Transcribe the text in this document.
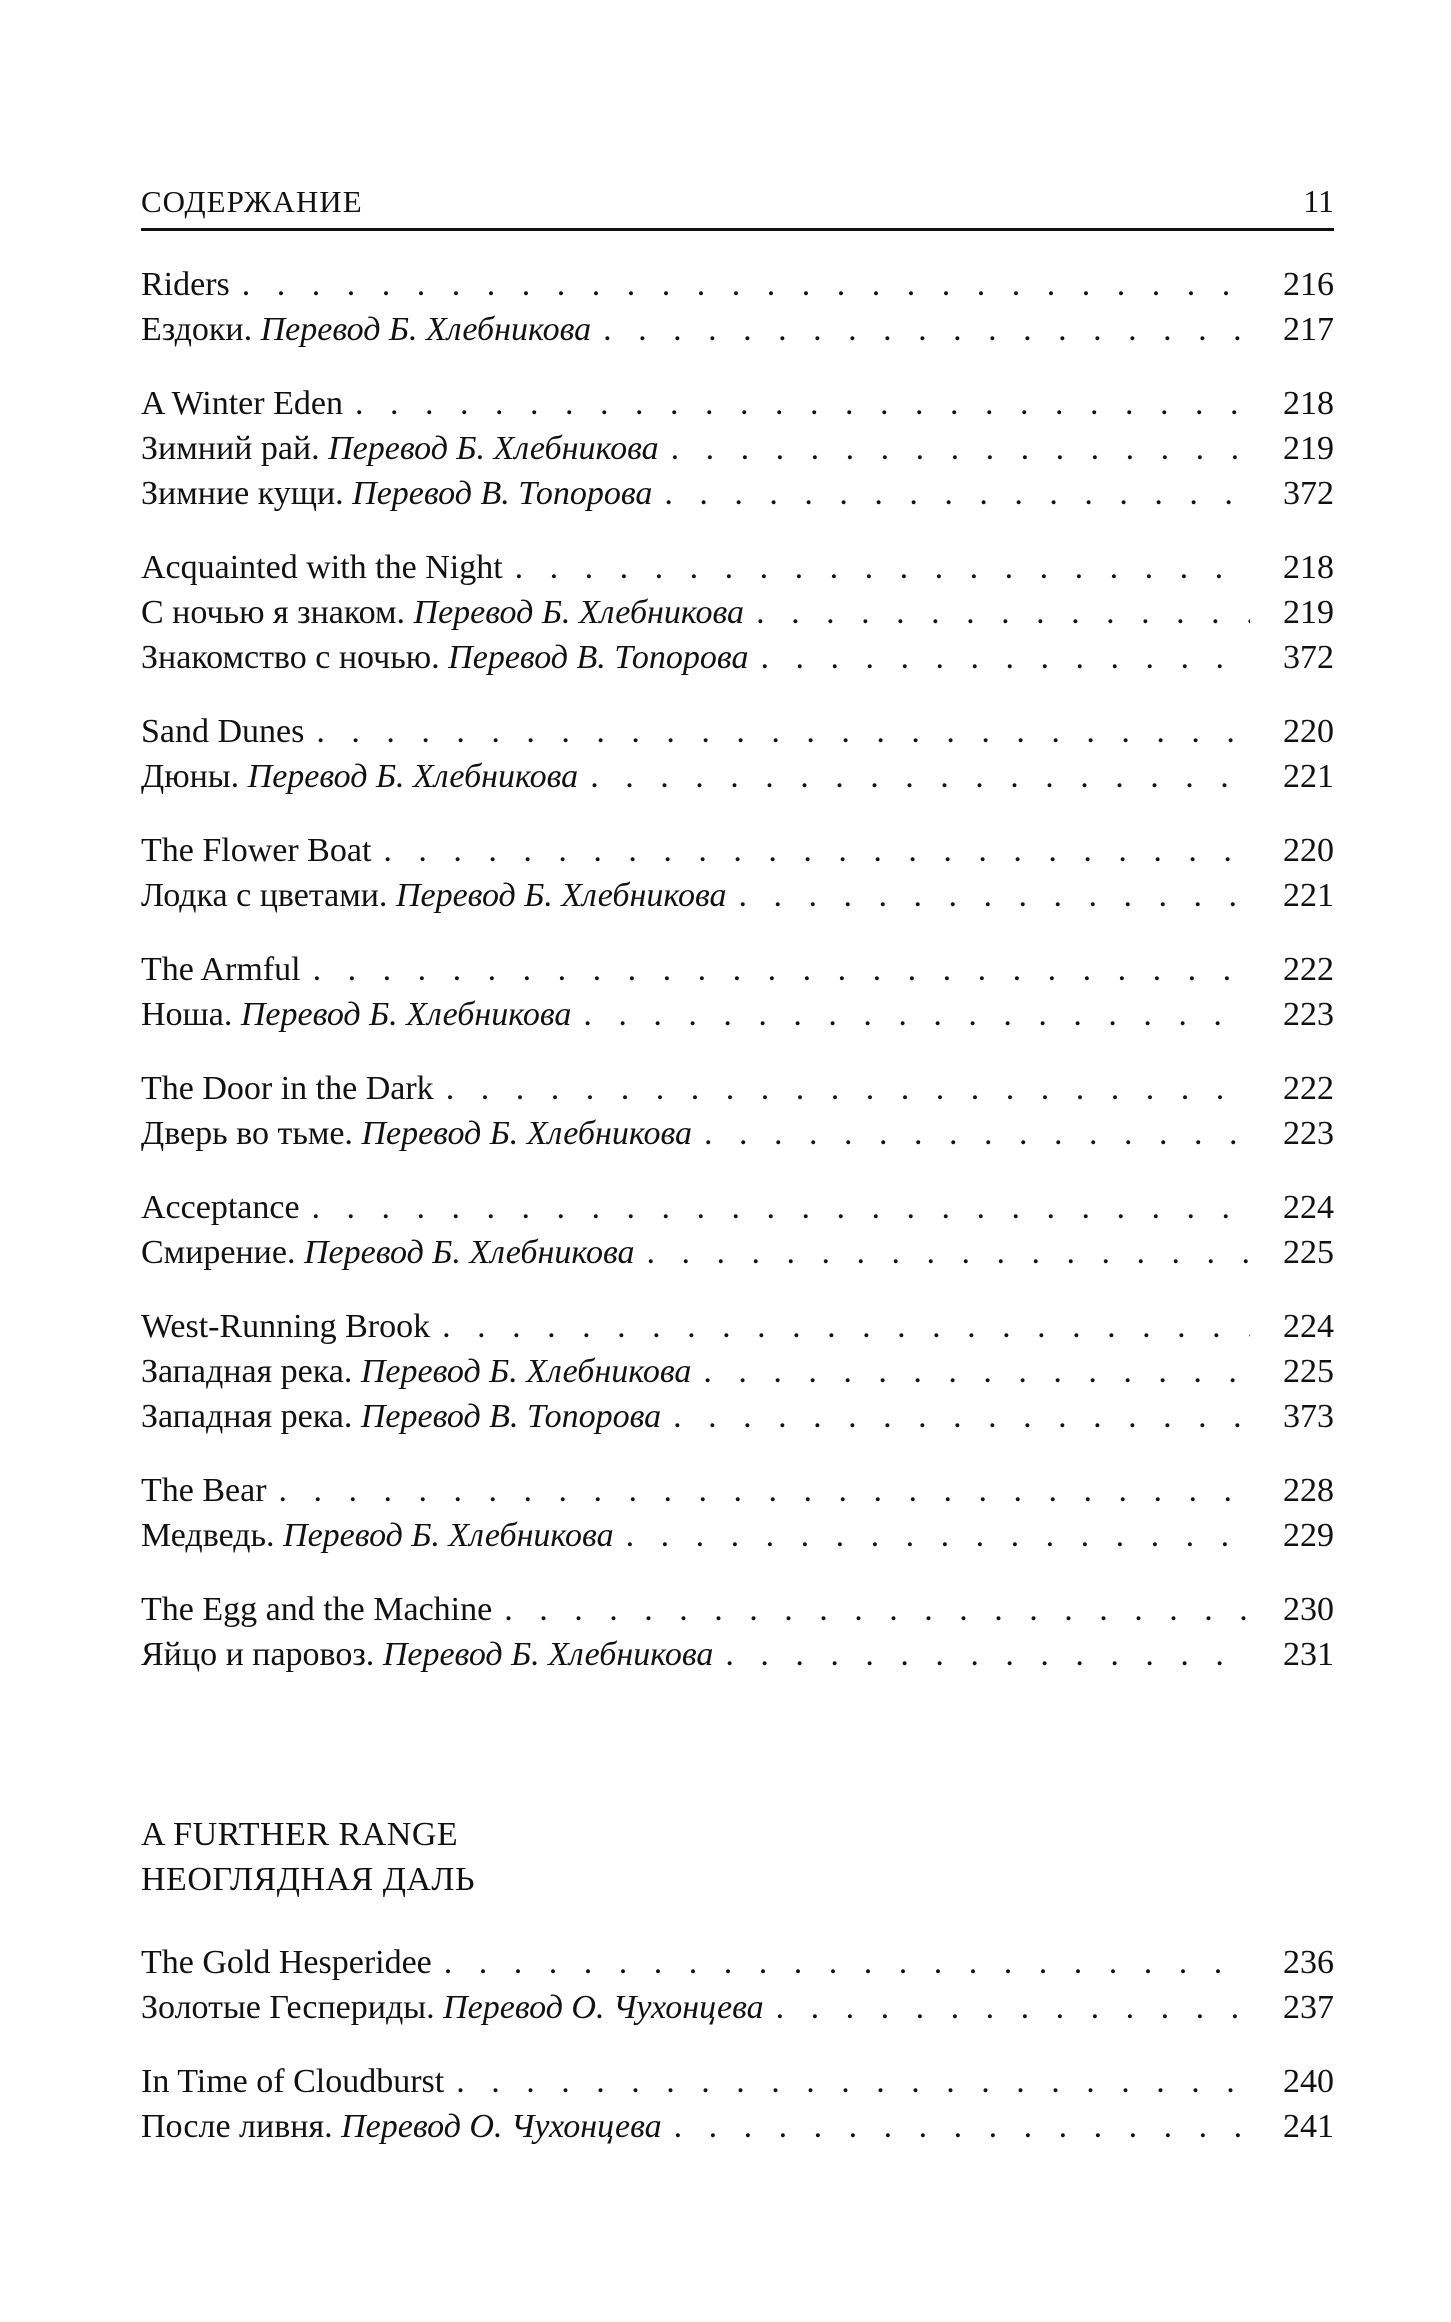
СОДЕРЖАНИЕ	11
Riders . . .	216
Ездоки. Перевод Б. Хлебникова . . .	217
A Winter Eden . . .	218
Зимний рай. Перевод Б. Хлебникова . . .	219
Зимние кущи. Перевод В. Топорова . . .	372
Acquainted with the Night . . .	218
С ночью я знаком. Перевод Б. Хлебникова . . .	219
Знакомство с ночью. Перевод В. Топорова . . .	372
Sand Dunes . . .	220
Дюны. Перевод Б. Хлебникова . . .	221
The Flower Boat . . .	220
Лодка с цветами. Перевод Б. Хлебникова . . .	221
The Armful . . .	222
Ноша. Перевод Б. Хлебникова . . .	223
The Door in the Dark . . .	222
Дверь во тьме. Перевод Б. Хлебникова . . .	223
Acceptance . . .	224
Смирение. Перевод Б. Хлебникова . . .	225
West-Running Brook . . .	224
Западная река. Перевод Б. Хлебникова . . .	225
Западная река. Перевод В. Топорова . . .	373
The Bear . . .	228
Медведь. Перевод Б. Хлебникова . . .	229
The Egg and the Machine . . .	230
Яйцо и паровоз. Перевод Б. Хлебникова . . .	231
A FURTHER RANGE
НЕОГЛЯДНАЯ ДАЛЬ
The Gold Hesperidee . . .	236
Золотые Геспериды. Перевод О. Чухонцева . . .	237
In Time of Cloudburst . . .	240
После ливня. Перевод О. Чухонцева . . .	241
